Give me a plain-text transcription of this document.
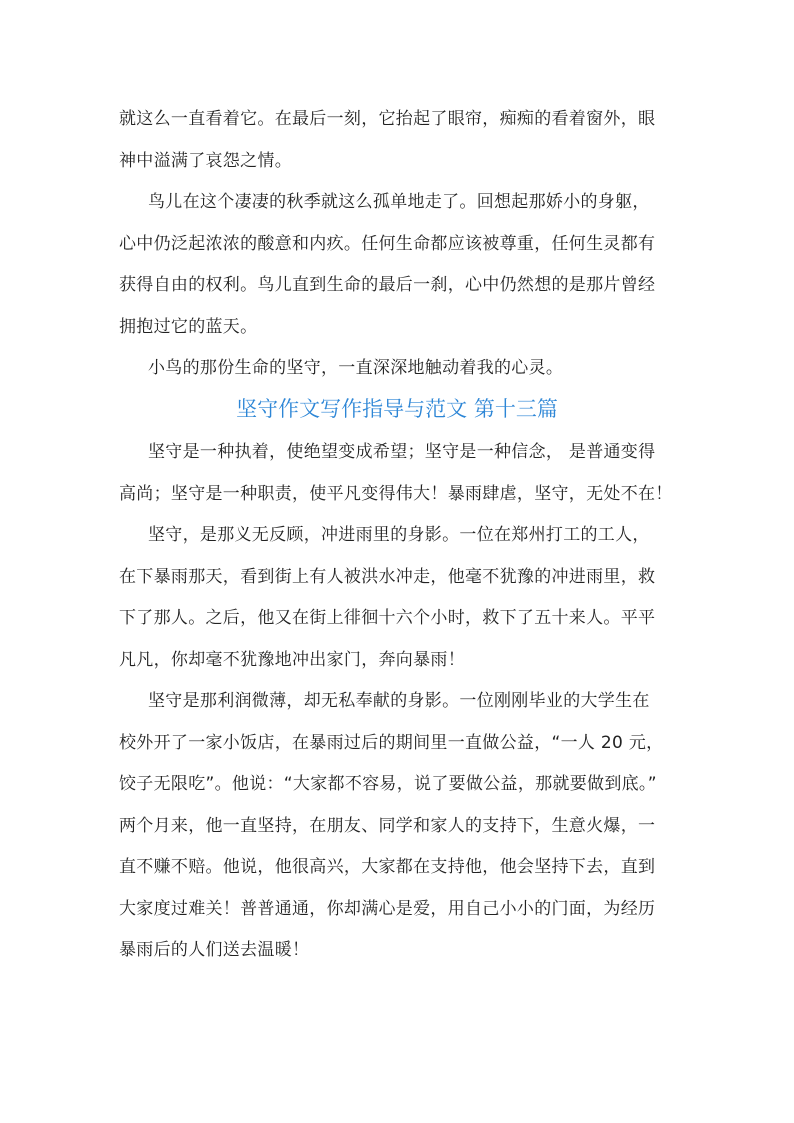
就这么一直看着它。在最后一刻，它抬起了眼帘，痴痴的看着窗外，眼
神中溢满了哀怨之情。
鸟儿在这个凄凄的秋季就这么孤单地走了。回想起那娇小的身躯，
心中仍泛起浓浓的酸意和内疚。任何生命都应该被尊重，任何生灵都有
获得自由的权利。鸟儿直到生命的最后一刹，心中仍然想的是那片曾经
拥抱过它的蓝天。
小鸟的那份生命的坚守，一直深深地触动着我的心灵。
坚守作文写作指导与范文 第十三篇
坚守是一种执着，使绝望变成希望；坚守是一种信念， 是普通变得
高尚；坚守是一种职责，使平凡变得伟大！暴雨肆虐，坚守，无处不在！
坚守，是那义无反顾，冲进雨里的身影。一位在郑州打工的工人，
在下暴雨那天，看到街上有人被洪水冲走，他毫不犹豫的冲进雨里，救
下了那人。之后，他又在街上徘徊十六个小时，救下了五十来人。平平
凡凡，你却毫不犹豫地冲出家门，奔向暴雨！
坚守是那利润微薄，却无私奉献的身影。一位刚刚毕业的大学生在
校外开了一家小饭店，在暴雨过后的期间里一直做公益，“一人 20 元，
饺子无限吃”。他说：“大家都不容易，说了要做公益，那就要做到底。”
两个月来，他一直坚持，在朋友、同学和家人的支持下，生意火爆，一
直不赚不赔。他说，他很高兴，大家都在支持他，他会坚持下去，直到
大家度过难关！普普通通，你却满心是爱，用自己小小的门面，为经历
暴雨后的人们送去温暖！
